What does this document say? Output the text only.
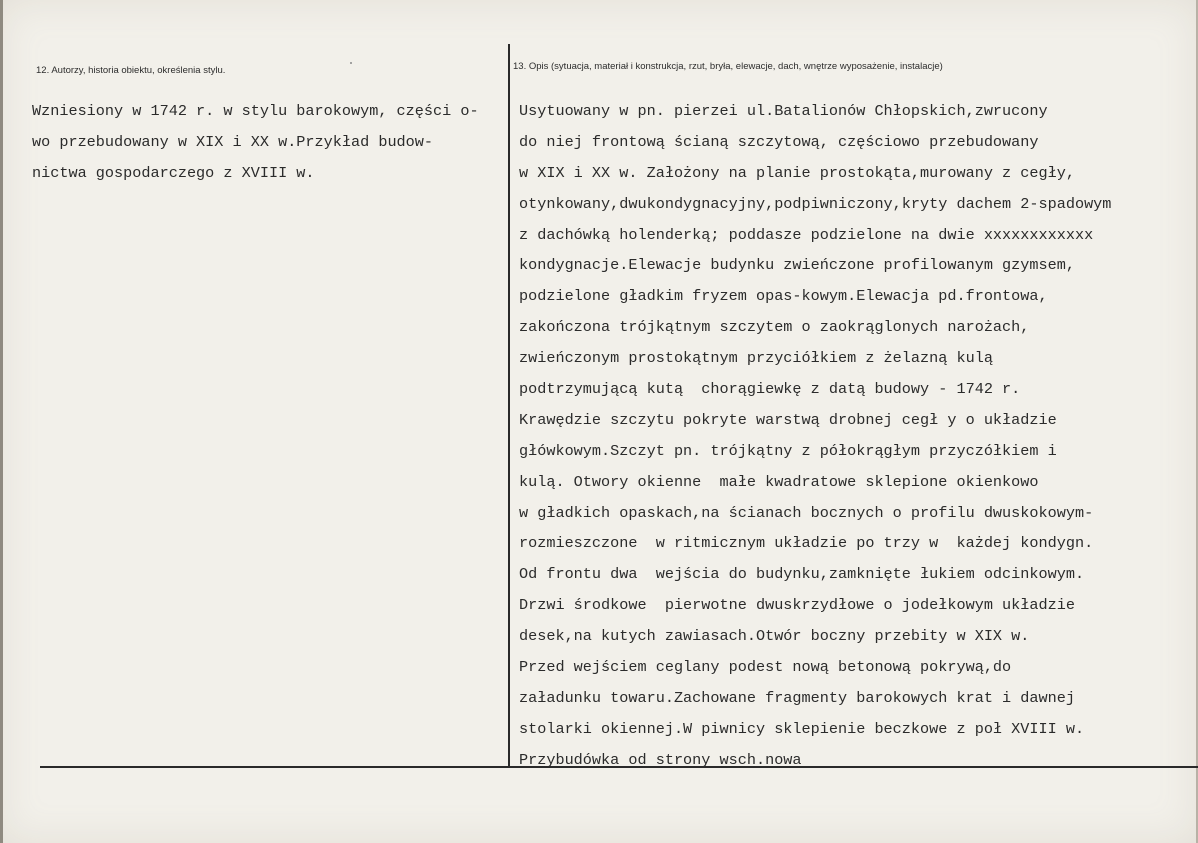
12. Autorzy, historia obiektu, określenia stylu.	13. Opis (sytuacja, materiał i konstrukcja, rzut, bryła, elewacje, dach, wnętrze wyposażenie, instalacje)
Wzniesiony w 1742 r. w stylu barokowym, części o-
wo przebudowany w XIX i XX w.Przykład budow-
nictwa gospodarczego z XVIII w.
Usytuowany w pn. pierzei ul.Batalionów Chłopskich,zwrucony
do niej frontową ścianą szczytową, częściowo przebudowany
w XIX i XX w. Założony na planie prostokąta,murowany z cegły,
otynkowany,dwukondygnacyjny,podpiwniczony,kryty dachem 2-spadowym
z dachówką holenderką; poddasze podzielone na dwie xxxxxxxxxxxx
kondygnacje.Elewacje budynku zwieńczone profilowanym gzymsem,
podzielone gładkim fryzem opas-kowym.Elewacja pd.frontowa,
zakończona trójkątnym szczytem o zaokrąglonych narożach,
zwieńczonym prostokątnym przyciółkiem z żelazną kulą
podtrzymującą kutą  chorągiewkę z datą budowy - 1742 r.
Krawędzie szczytu pokryte warstwą drobnej cegł y o układzie
główkowym.Szczyt pn. trójkątny z półokrągłym przyczółkiem i
kulą. Otwory okienne  małe kwadratowe sklepione okienkowo
w gładkich opaskach,na ścianach bocznych o profilu dwuskokowym-
rozmieszczone  w ritmicznym układzie po trzy w  każdej kondygn.
Od frontu dwa  wejścia do budynku,zamknięte łukiem odcinkowym.
Drzwi środkowe  pierwotne dwuskrzydłowe o jodełkowym układzie
desek,na kutych zawiasach.Otwór boczny przebity w XIX w.
Przed wejściem ceglany podest nową betonową pokrywą,do
załadunku towaru.Zachowane fragmenty barokowych krat i dawnej
stolarki okiennej.W piwnicy sklepienie beczkowe z poł XVIII w.
Przybudówka od strony wsch.nowa
